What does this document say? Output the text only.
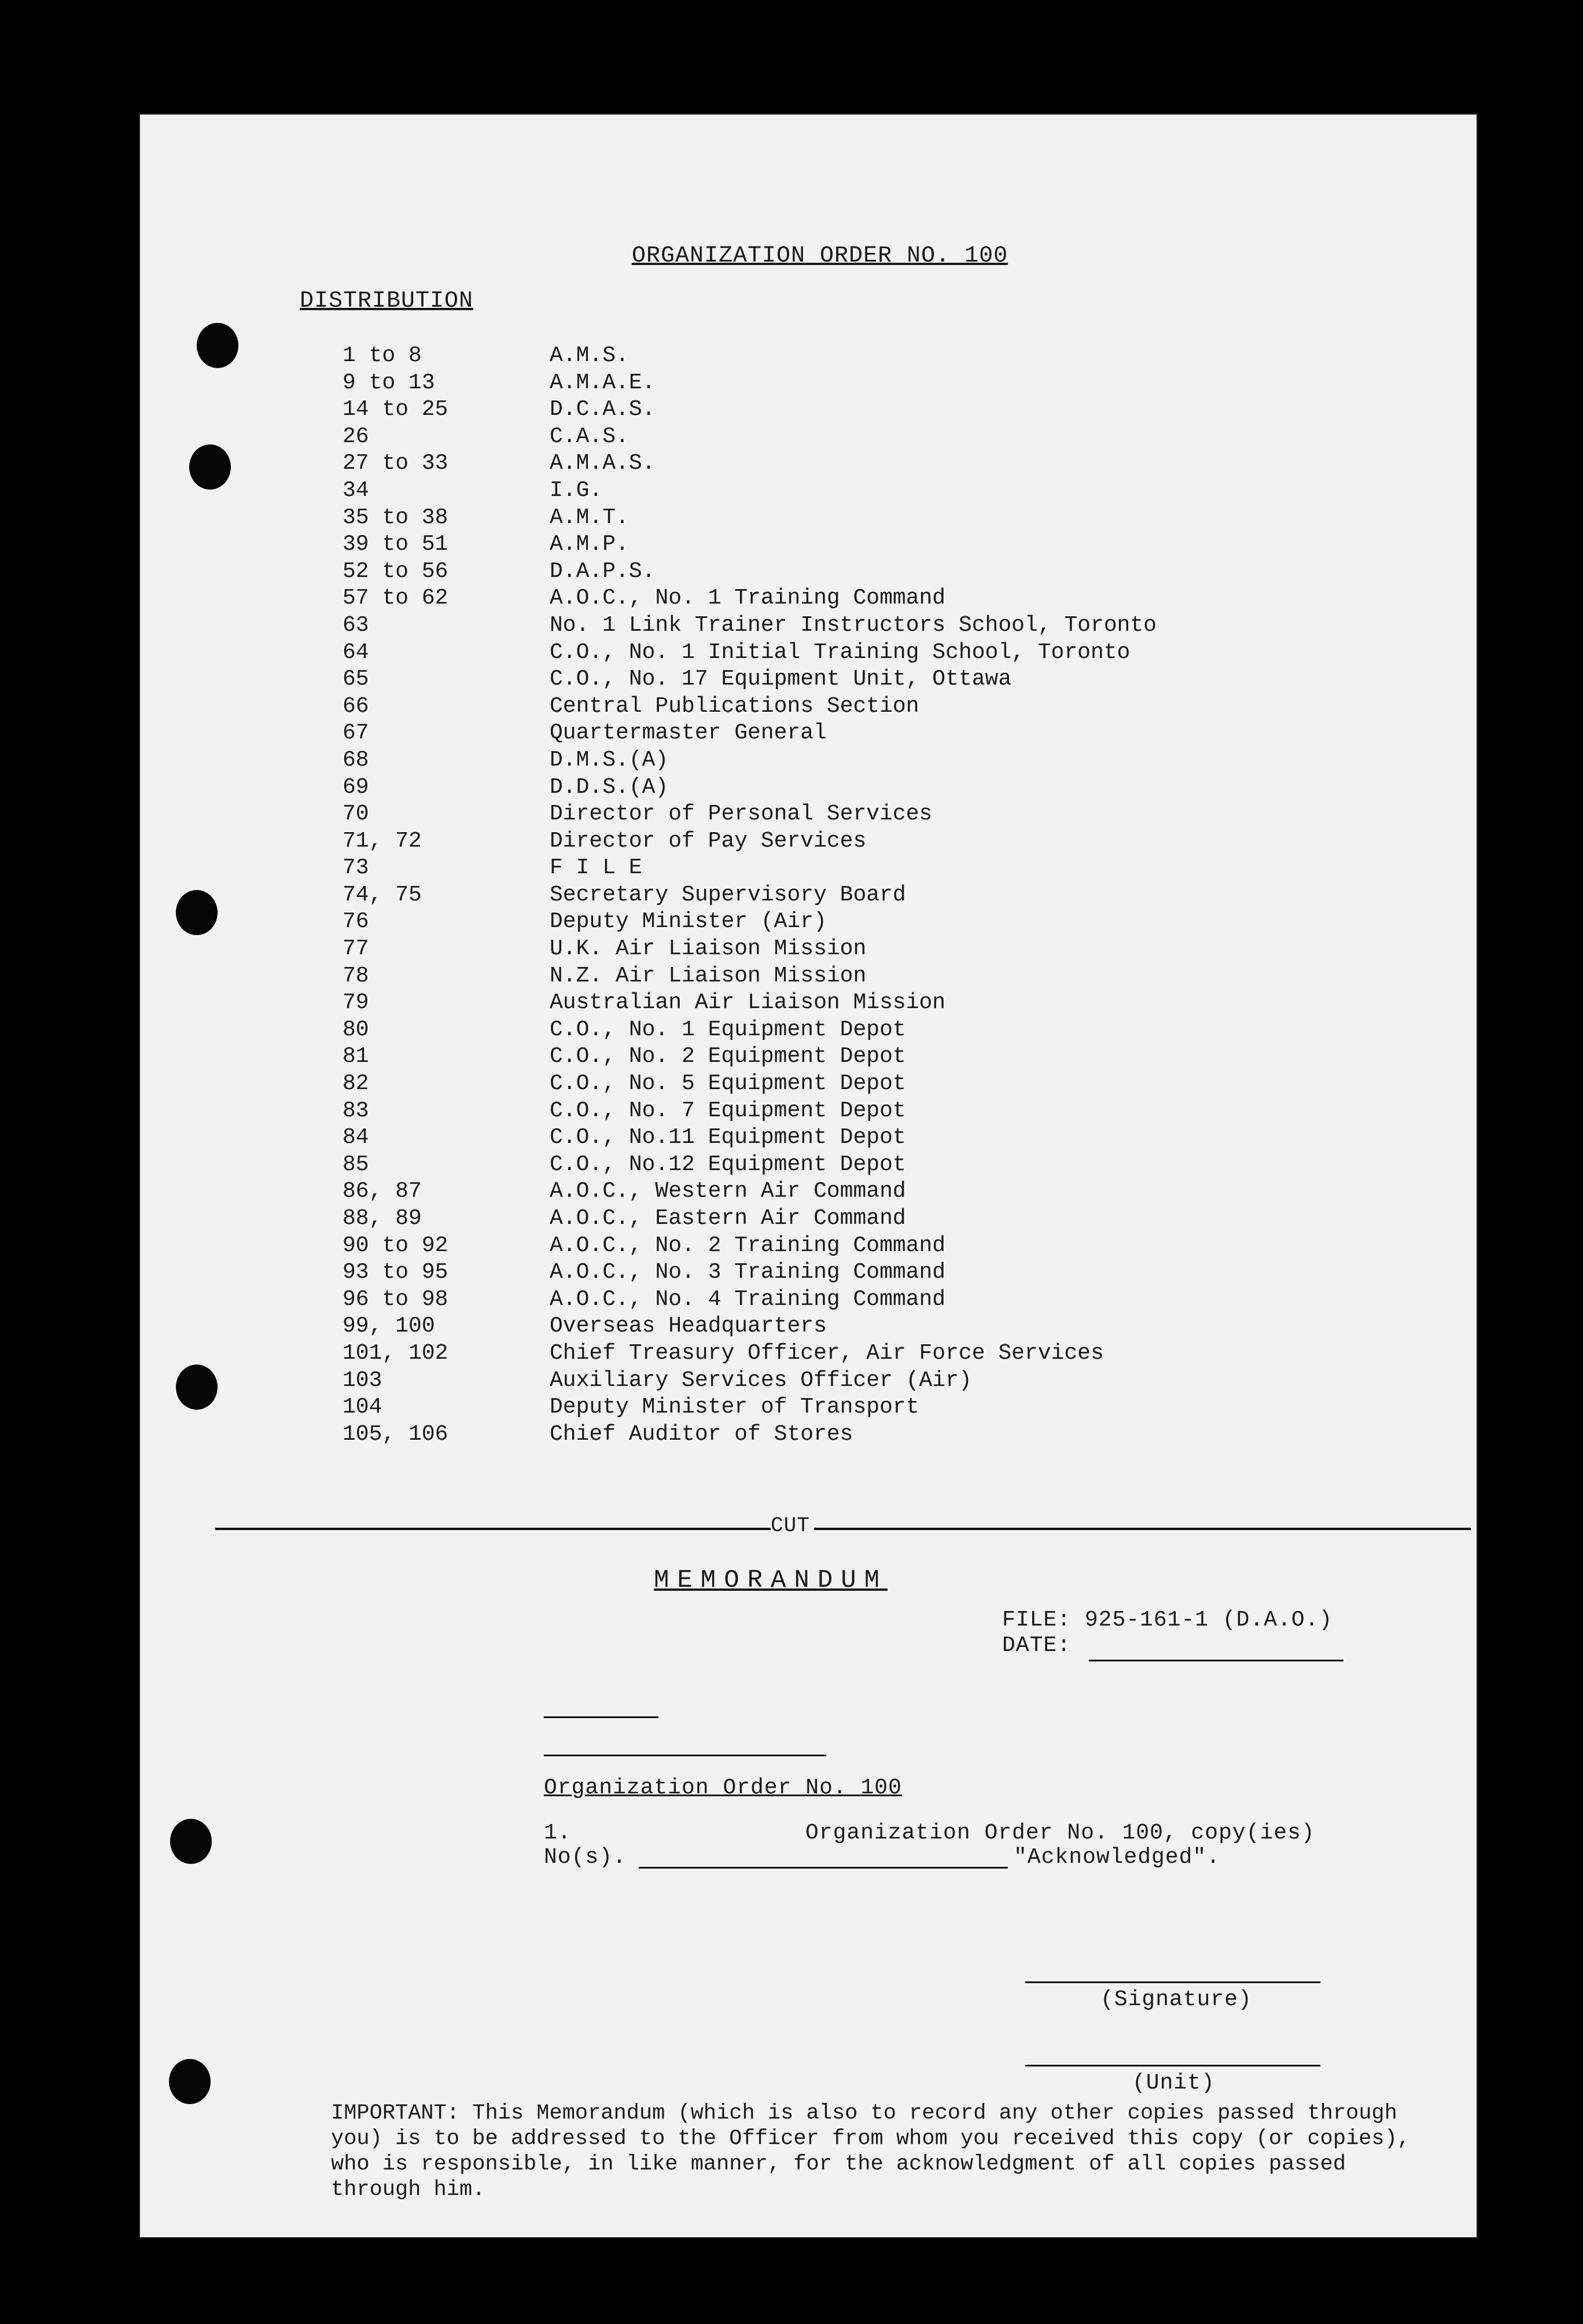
ORGANIZATION ORDER NO. 100
DISTRIBUTION
1 to 8	A.M.S.
9 to 13	A.M.A.E.
14 to 25	D.C.A.S.
26	C.A.S.
27 to 33	A.M.A.S.
34	I.G.
35 to 38	A.M.T.
39 to 51	A.M.P.
52 to 56	D.A.P.S.
57 to 62	A.O.C., No. 1 Training Command
63	No. 1 Link Trainer Instructors School, Toronto
64	C.O., No. 1 Initial Training School, Toronto
65	C.O., No. 17 Equipment Unit, Ottawa
66	Central Publications Section
67	Quartermaster General
68	D.M.S.(A)
69	D.D.S.(A)
70	Director of Personal Services
71, 72	Director of Pay Services
73	F I L E
74, 75	Secretary Supervisory Board
76	Deputy Minister (Air)
77	U.K. Air Liaison Mission
78	N.Z. Air Liaison Mission
79	Australian Air Liaison Mission
80	C.O., No. 1 Equipment Depot
81	C.O., No. 2 Equipment Depot
82	C.O., No. 5 Equipment Depot
83	C.O., No. 7 Equipment Depot
84	C.O., No.11 Equipment Depot
85	C.O., No.12 Equipment Depot
86, 87	A.O.C., Western Air Command
88, 89	A.O.C., Eastern Air Command
90 to 92	A.O.C., No. 2 Training Command
93 to 95	A.O.C., No. 3 Training Command
96 to 98	A.O.C., No. 4 Training Command
99, 100	Overseas Headquarters
101, 102	Chief Treasury Officer, Air Force Services
103	Auxiliary Services Officer (Air)
104	Deputy Minister of Transport
105, 106	Chief Auditor of Stores
CUT
MEMORANDUM
FILE: 925-161-1 (D.A.O.)
DATE:
Organization Order No. 100
1.	Organization Order No. 100, copy(ies)
No(s).	"Acknowledged".
(Signature)
(Unit)
IMPORTANT: This Memorandum (which is also to record any other copies passed through you) is to be addressed to the Officer from whom you received this copy (or copies), who is responsible, in like manner, for the acknowledgment of all copies passed through him.
